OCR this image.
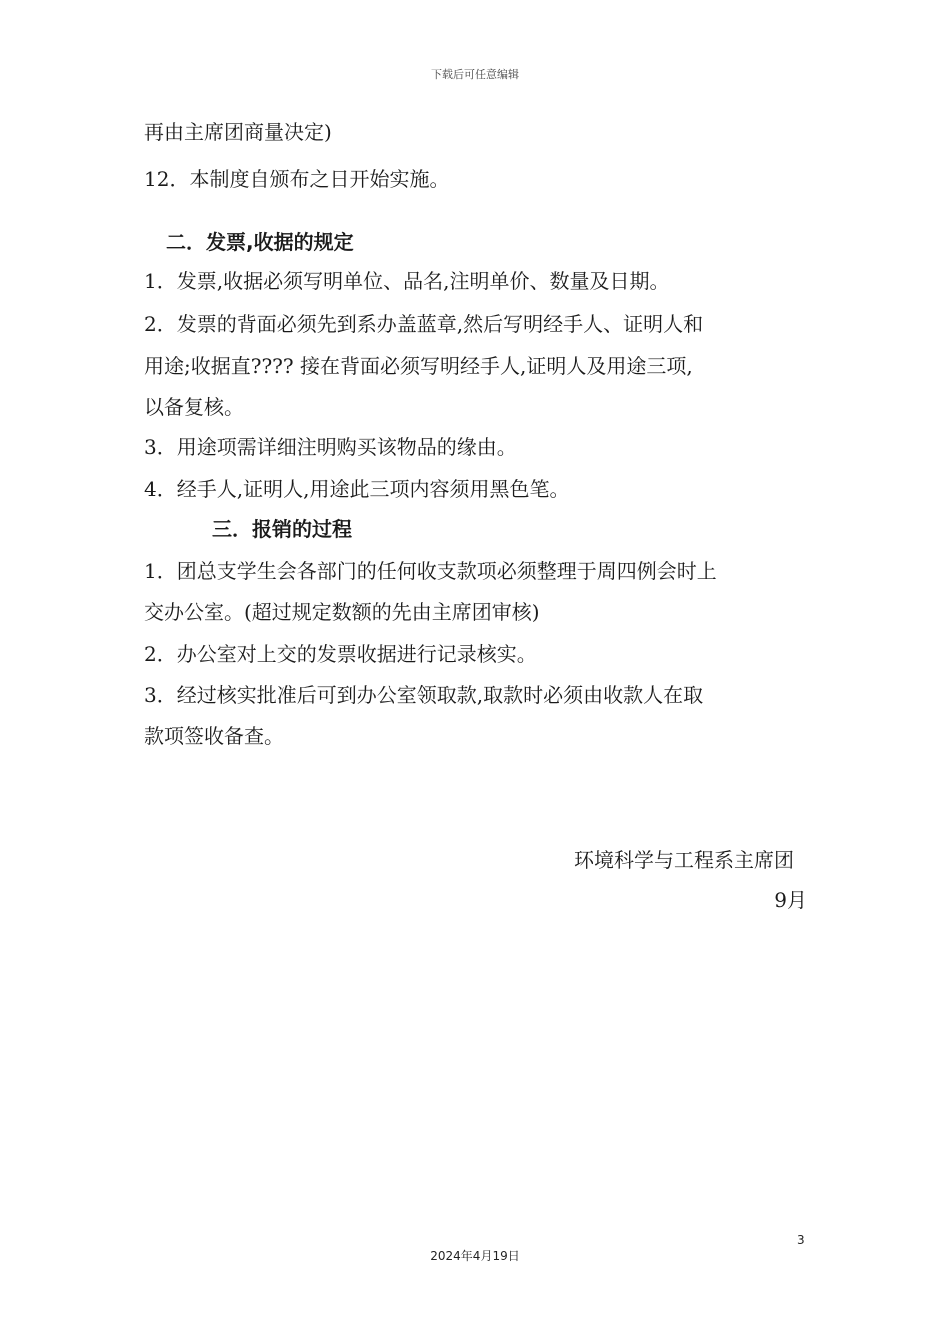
下载后可任意编辑
再由主席团商量决定)
12．本制度自颁布之日开始实施。
二．发票,收据的规定
1．发票,收据必须写明单位、品名,注明单价、数量及日期。
2．发票的背面必须先到系办盖蓝章,然后写明经手人、证明人和
用途;收据直???? 接在背面必须写明经手人,证明人及用途三项,
以备复核。
3．用途项需详细注明购买该物品的缘由。
4．经手人,证明人,用途此三项内容须用黑色笔。
三．报销的过程
1．团总支学生会各部门的任何收支款项必须整理于周四例会时上
交办公室。(超过规定数额的先由主席团审核)
2．办公室对上交的发票收据进行记录核实。
3．经过核实批准后可到办公室领取款,取款时必须由收款人在取
款项签收备查。
环境科学与工程系主席团
9月
3
2024年4月19日
